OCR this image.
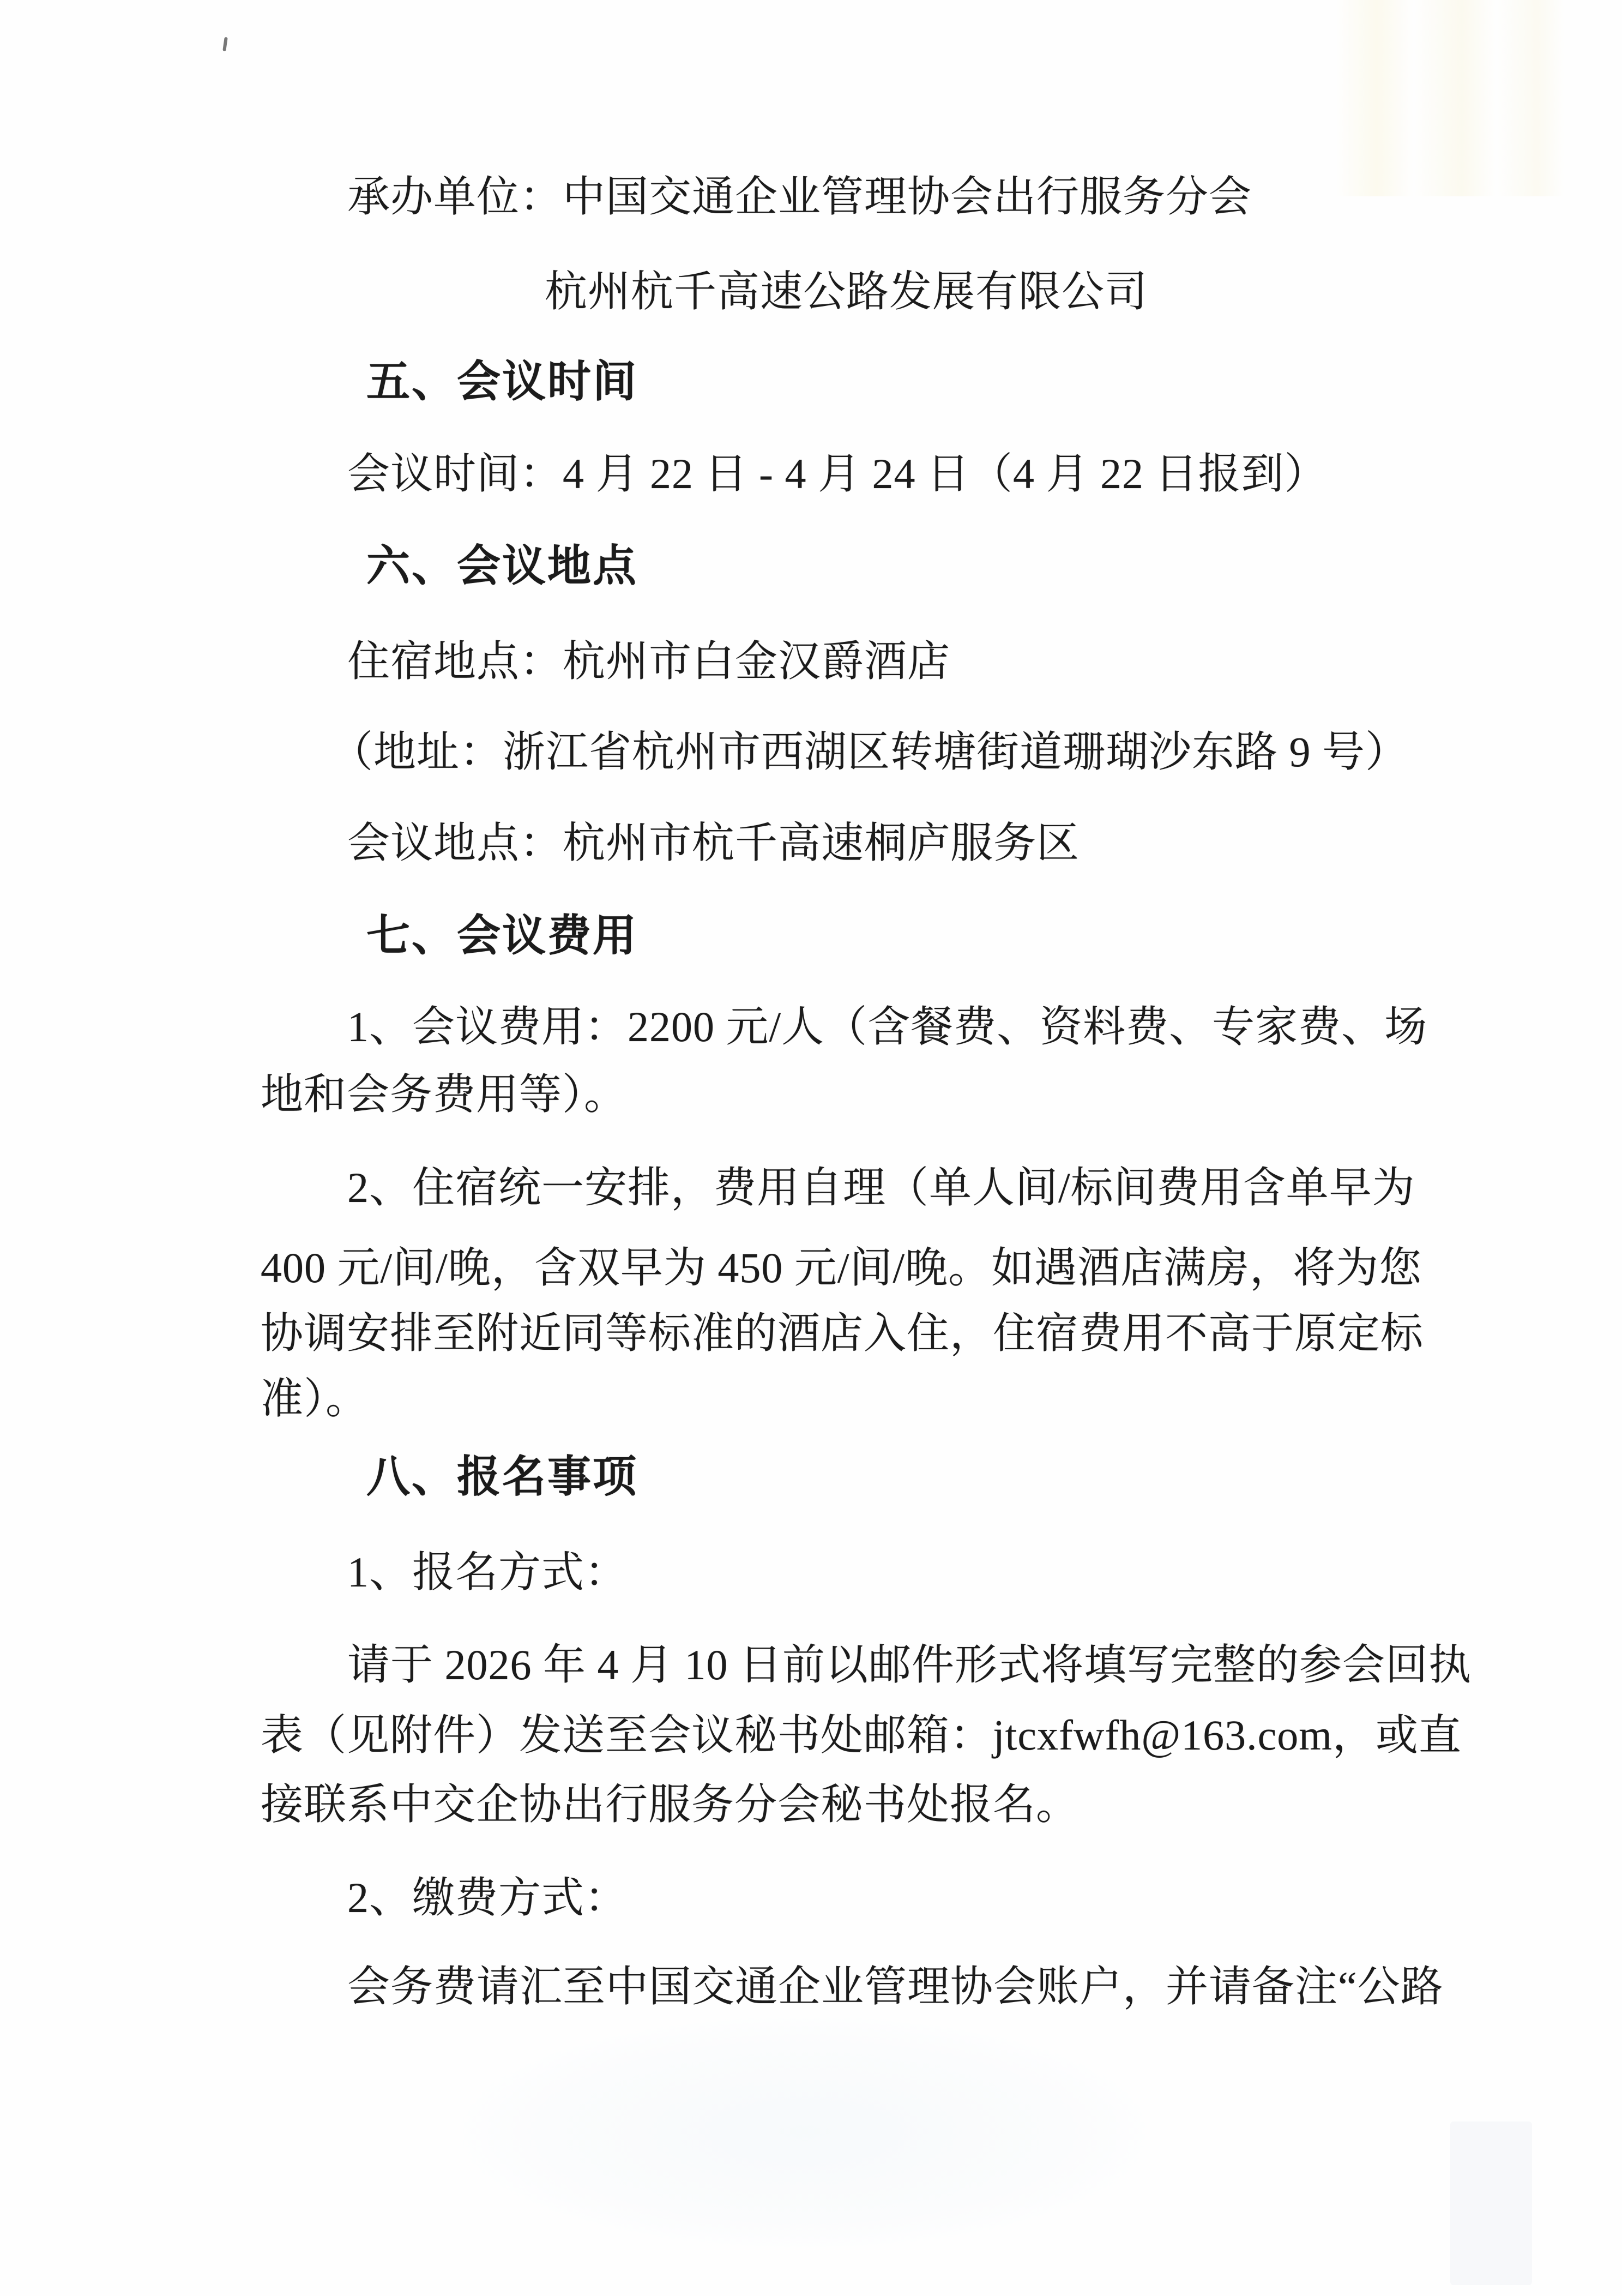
承办单位：中国交通企业管理协会出行服务分会
杭州杭千高速公路发展有限公司
五、会议时间
会议时间：4 月 22 日 - 4 月 24 日（4 月 22 日报到）
六、会议地点
住宿地点：杭州市白金汉爵酒店
（地址：浙江省杭州市西湖区转塘街道珊瑚沙东路 9 号）
会议地点：杭州市杭千高速桐庐服务区
七、会议费用
1、会议费用：2200 元/人（含餐费、资料费、专家费、场
地和会务费用等）。
2、住宿统一安排，费用自理（单人间/标间费用含单早为
400 元/间/晚，含双早为 450 元/间/晚。如遇酒店满房，将为您
协调安排至附近同等标准的酒店入住，住宿费用不高于原定标
准）。
八、报名事项
1、报名方式：
请于 2026 年 4 月 10 日前以邮件形式将填写完整的参会回执
表（见附件）发送至会议秘书处邮箱：jtcxfwfh@163.com，或直
接联系中交企协出行服务分会秘书处报名。
2、缴费方式：
会务费请汇至中国交通企业管理协会账户，并请备注“公路
